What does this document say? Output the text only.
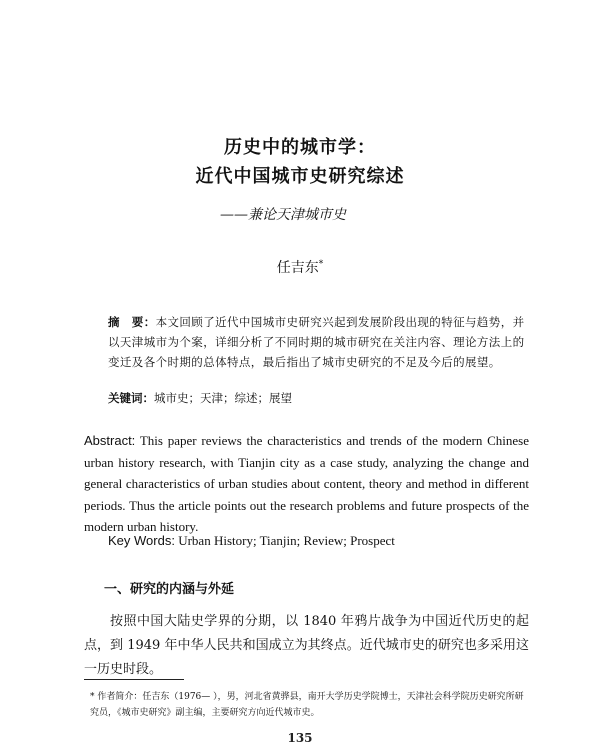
历史中的城市学：
近代中国城市史研究综述
——兼论天津城市史
任吉东*
摘　要：本文回顾了近代中国城市史研究兴起到发展阶段出现的特征与趋势，并以天津城市为个案，详细分析了不同时期的城市研究在关注内容、理论方法上的变迁及各个时期的总体特点，最后指出了城市史研究的不足及今后的展望。
关键词：城市史；天津；综述；展望
Abstract: This paper reviews the characteristics and trends of the modern Chinese urban history research, with Tianjin city as a case study, analyzing the change and general characteristics of urban studies about content, theory and method in different periods. Thus the article points out the research problems and future prospects of the modern urban history.
Key Words: Urban History; Tianjin; Review; Prospect
一、研究的内涵与外延
按照中国大陆史学界的分期，以 1840 年鸦片战争为中国近代历史的起点，到 1949 年中华人民共和国成立为其终点。近代城市史的研究也多采用这一历史时段。
* 作者简介：任吉东（1976— ），男，河北省黄骅县，南开大学历史学院博士，天津社会科学院历史研究所研究员，《城市史研究》副主编，主要研究方向近代城市史。
135
